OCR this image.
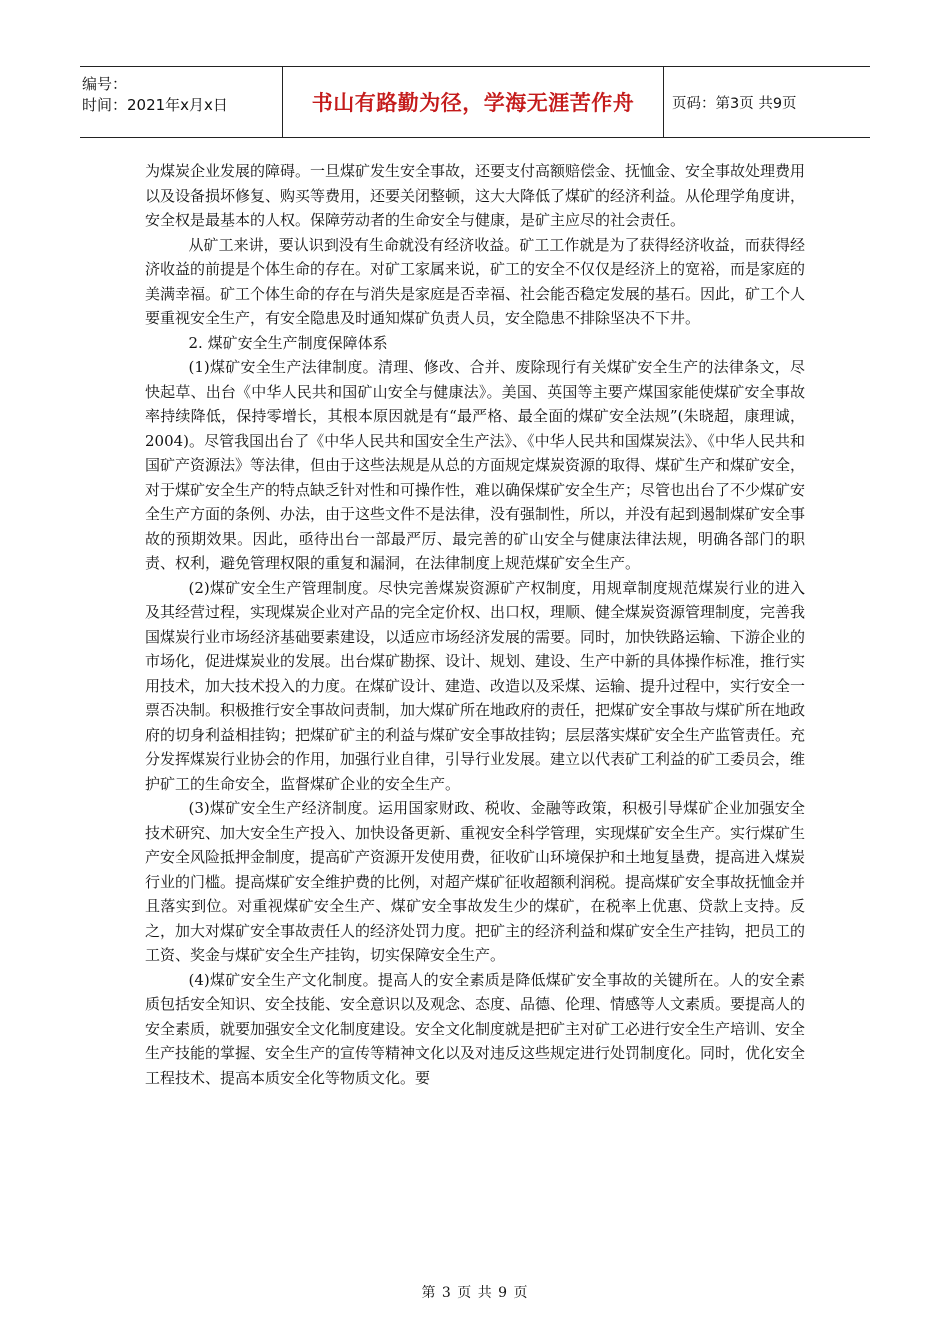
编号：
时间：2021年x月x日	书山有路勤为径，学海无涯苦作舟	页码：第3页 共9页

为煤炭企业发展的障碍。一旦煤矿发生安全事故，还要支付高额赔偿金、抚恤金、安全事故处理费用以及设备损坏修复、购买等费用，还要关闭整顿，这大大降低了煤矿的经济利益。从伦理学角度讲，安全权是最基本的人权。保障劳动者的生命安全与健康，是矿主应尽的社会责任。

从矿工来讲，要认识到没有生命就没有经济收益。矿工工作就是为了获得经济收益，而获得经济收益的前提是个体生命的存在。对矿工家属来说，矿工的安全不仅仅是经济上的宽裕，而是家庭的美满幸福。矿工个体生命的存在与消失是家庭是否幸福、社会能否稳定发展的基石。因此，矿工个人要重视安全生产，有安全隐患及时通知煤矿负责人员，安全隐患不排除坚决不下井。

2. 煤矿安全生产制度保障体系

(1)煤矿安全生产法律制度。清理、修改、合并、废除现行有关煤矿安全生产的法律条文，尽快起草、出台《中华人民共和国矿山安全与健康法》。美国、英国等主要产煤国家能使煤矿安全事故率持续降低，保持零增长，其根本原因就是有“最严格、最全面的煤矿安全法规”(朱晓超，康理诚，2004)。尽管我国出台了《中华人民共和国安全生产法》、《中华人民共和国煤炭法》、《中华人民共和国矿产资源法》等法律，但由于这些法规是从总的方面规定煤炭资源的取得、煤矿生产和煤矿安全，对于煤矿安全生产的特点缺乏针对性和可操作性，难以确保煤矿安全生产；尽管也出台了不少煤矿安全生产方面的条例、办法，由于这些文件不是法律，没有强制性，所以，并没有起到遏制煤矿安全事故的预期效果。因此，亟待出台一部最严厉、最完善的矿山安全与健康法律法规，明确各部门的职责、权利，避免管理权限的重复和漏洞，在法律制度上规范煤矿安全生产。

(2)煤矿安全生产管理制度。尽快完善煤炭资源矿产权制度，用规章制度规范煤炭行业的进入及其经营过程，实现煤炭企业对产品的完全定价权、出口权，理顺、健全煤炭资源管理制度，完善我国煤炭行业市场经济基础要素建设，以适应市场经济发展的需要。同时，加快铁路运输、下游企业的市场化，促进煤炭业的发展。出台煤矿勘探、设计、规划、建设、生产中新的具体操作标准，推行实用技术，加大技术投入的力度。在煤矿设计、建造、改造以及采煤、运输、提升过程中，实行安全一票否决制。积极推行安全事故问责制，加大煤矿所在地政府的责任，把煤矿安全事故与煤矿所在地政府的切身利益相挂钩；把煤矿矿主的利益与煤矿安全事故挂钩；层层落实煤矿安全生产监管责任。充分发挥煤炭行业协会的作用，加强行业自律，引导行业发展。建立以代表矿工利益的矿工委员会，维护矿工的生命安全，监督煤矿企业的安全生产。

(3)煤矿安全生产经济制度。运用国家财政、税收、金融等政策，积极引导煤矿企业加强安全技术研究、加大安全生产投入、加快设备更新、重视安全科学管理，实现煤矿安全生产。实行煤矿生产安全风险抵押金制度，提高矿产资源开发使用费，征收矿山环境保护和土地复垦费，提高进入煤炭行业的门槛。提高煤矿安全维护费的比例，对超产煤矿征收超额利润税。提高煤矿安全事故抚恤金并且落实到位。对重视煤矿安全生产、煤矿安全事故发生少的煤矿，在税率上优惠、贷款上支持。反之，加大对煤矿安全事故责任人的经济处罚力度。把矿主的经济利益和煤矿安全生产挂钩，把员工的工资、奖金与煤矿安全生产挂钩，切实保障安全生产。

(4)煤矿安全生产文化制度。提高人的安全素质是降低煤矿安全事故的关键所在。人的安全素质包括安全知识、安全技能、安全意识以及观念、态度、品德、伦理、情感等人文素质。要提高人的安全素质，就要加强安全文化制度建设。安全文化制度就是把矿主对矿工必进行安全生产培训、安全生产技能的掌握、安全生产的宣传等精神文化以及对违反这些规定进行处罚制度化。同时，优化安全工程技术、提高本质安全化等物质文化。要

第 3 页 共 9 页
